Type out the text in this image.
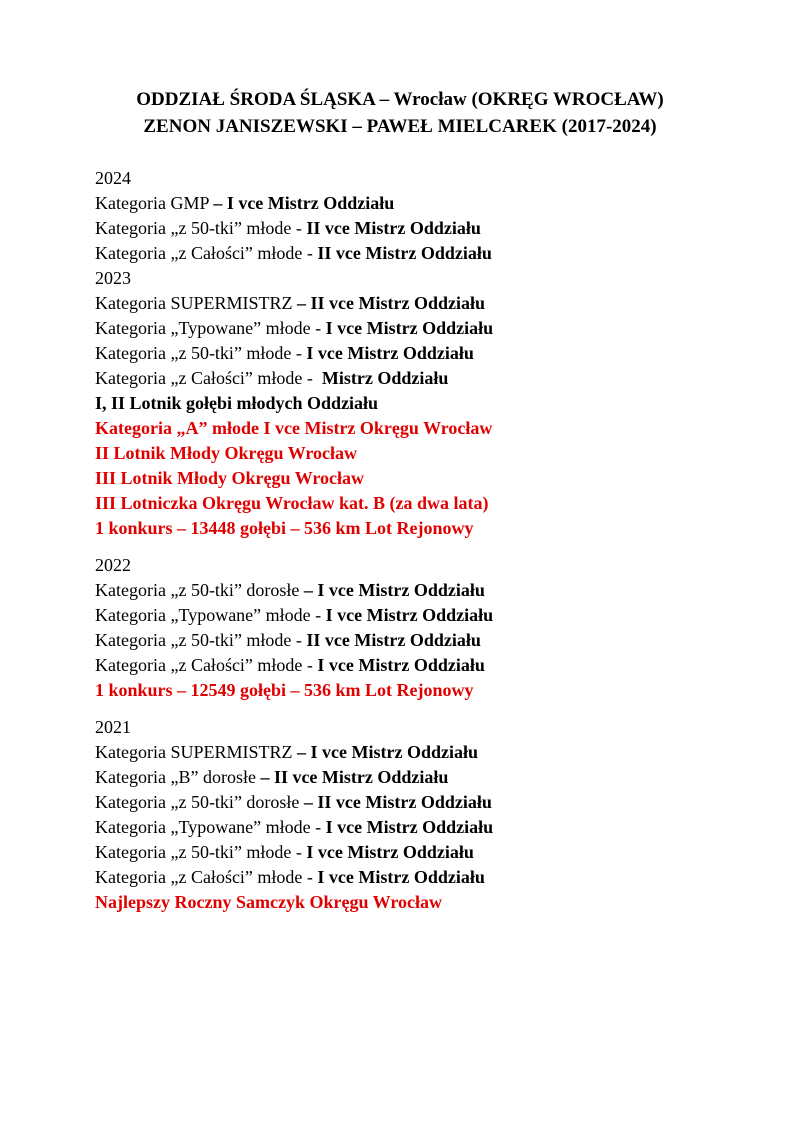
ODDZIAŁ ŚRODA ŚLĄSKA – Wrocław (OKRĘG WROCŁAW)
ZENON JANISZEWSKI – PAWEŁ MIELCAREK (2017-2024)
2024
Kategoria GMP – I vce Mistrz Oddziału
Kategoria „z 50-tki” młode - II vce Mistrz Oddziału
Kategoria „z Całości” młode - II vce Mistrz Oddziału
2023
Kategoria SUPERMISTRZ – II vce Mistrz Oddziału
Kategoria „Typowane” młode - I vce Mistrz Oddziału
Kategoria „z 50-tki” młode - I vce Mistrz Oddziału
Kategoria „z Całości” młode -  Mistrz Oddziału
I, II Lotnik gołębi młodych Oddziału
Kategoria „A” młode I vce Mistrz Okręgu Wrocław
II Lotnik Młody Okręgu Wrocław
III Lotnik Młody Okręgu Wrocław
III Lotniczka Okręgu Wrocław kat. B (za dwa lata)
1 konkurs – 13448 gołębi – 536 km Lot Rejonowy
2022
Kategoria „z 50-tki” dorosłe – I vce Mistrz Oddziału
Kategoria „Typowane” młode - I vce Mistrz Oddziału
Kategoria „z 50-tki” młode - II vce Mistrz Oddziału
Kategoria „z Całości” młode - I vce Mistrz Oddziału
1 konkurs – 12549 gołębi – 536 km Lot Rejonowy
2021
Kategoria SUPERMISTRZ – I vce Mistrz Oddziału
Kategoria „B” dorosłe – II vce Mistrz Oddziału
Kategoria „z 50-tki” dorosłe – II vce Mistrz Oddziału
Kategoria „Typowane” młode - I vce Mistrz Oddziału
Kategoria „z 50-tki” młode - I vce Mistrz Oddziału
Kategoria „z Całości” młode - I vce Mistrz Oddziału
Najlepszy Roczny Samczyk Okręgu Wrocław
